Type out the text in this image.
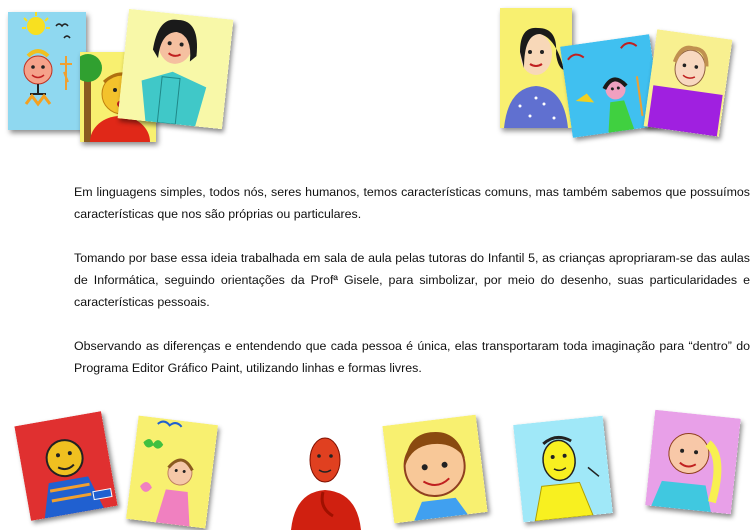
Em linguagens simples, todos nós, seres humanos, temos características comuns, mas também sabemos que possuímos características que nos são próprias ou particulares.

Tomando por base essa ideia trabalhada em sala de aula pelas tutoras do Infantil 5, as crianças apropriaram-se das aulas de Informática, seguindo orientações da Profª Gisele, para simbolizar, por meio do desenho, suas particularidades e características pessoais.

Observando as diferenças e entendendo que cada pessoa é única, elas transportaram toda imaginação para “dentro” do Programa Editor Gráfico Paint, utilizando linhas e formas livres.
